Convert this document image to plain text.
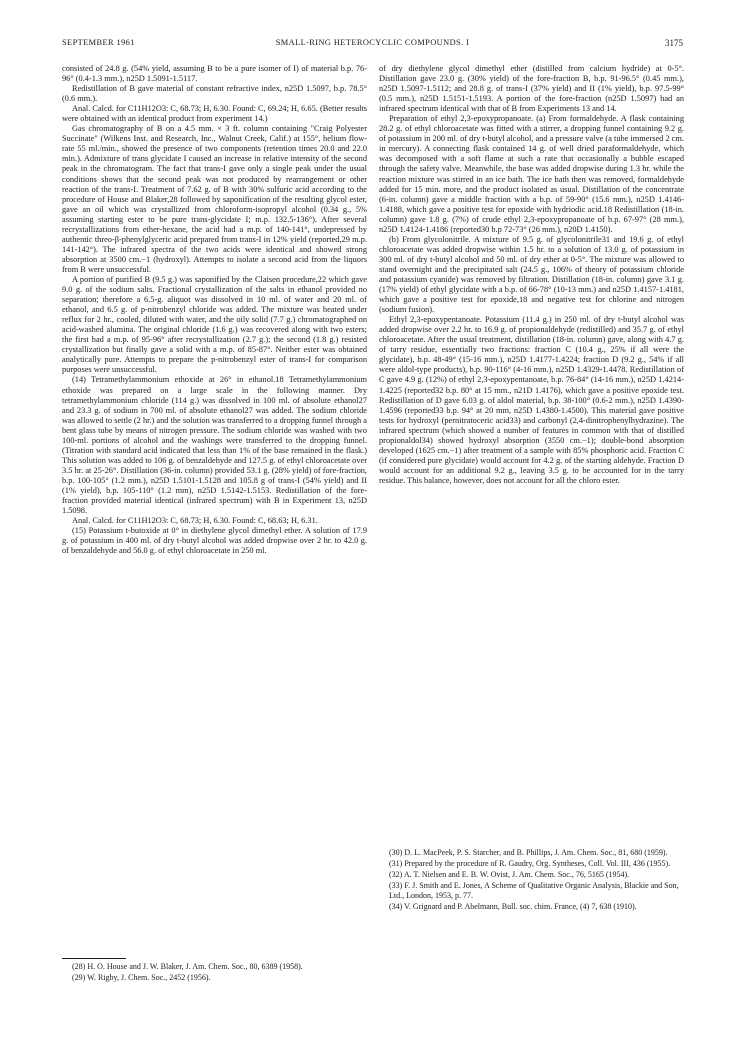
SEPTEMBER 1961	SMALL-RING HETEROCYCLIC COMPOUNDS. I	3175

consisted of 24.8 g. (54% yield, assuming B to be a pure isomer of I) of material b.p. 76-96° (0.4-1.3 mm.), n25D 1.5091-1.5117.

Redistillation of B gave material of constant refractive index, n25D 1.5097, b.p. 78.5° (0.6 mm.).

Anal. Calcd. for C11H12O3: C, 68.73; H, 6.30. Found: C, 69.24; H, 6.65. (Better results were obtained with an identical product from experiment 14.)

Gas chromatography of B on a 4.5 mm. × 3 ft. column containing "Craig Polyester Succinate" (Wilkens Inst. and Research, Inc., Walnut Creek, Calif.) at 155°, helium flow-rate 55 ml./min., showed the presence of two components (retention times 20.0 and 22.0 min.). Admixture of trans glycidate I caused an increase in relative intensity of the second peak in the chromatogram. The fact that trans-I gave only a single peak under the usual conditions shows that the second peak was not produced by rearrangement or other reaction of the trans-I. Treatment of 7.62 g. of B with 30% sulfuric acid according to the procedure of House and Blaker,28 followed by saponification of the resulting glycol ester, gave an oil which was crystallized from chloroform-isopropyl alcohol (0.34 g., 5% assuming starting ester to be pure trans-glycidate I; m.p. 132.5-136°). After several recrystallizations from ether-hexane, the acid had a m.p. of 140-141°, undepressed by authentic threo-β-phenylglyceric acid prepared from trans-I in 12% yield (reported,29 m.p. 141-142°). The infrared spectra of the two acids were identical and showed strong absorption at 3500 cm.−1 (hydroxyl). Attempts to isolate a second acid from the liquors from B were unsuccessful.

A portion of purified B (9.5 g.) was saponified by the Claisen procedure,22 which gave 9.0 g. of the sodium salts. Fractional crystallization of the salts in ethanol provided no separation; therefore a 6.5-g. aliquot was dissolved in 10 ml. of water and 20 ml. of ethanol, and 6.5 g. of p-nitrobenzyl chloride was added. The mixture was heated under reflux for 2 hr., cooled, diluted with water, and the oily solid (7.7 g.) chromatographed on acid-washed alumina. The original chloride (1.6 g.) was recovered along with two esters; the first had a m.p. of 95-96° after recrystallization (2.7 g.); the second (1.8 g.) resisted crystallization but finally gave a solid with a m.p. of 85-87°. Neither ester was obtained analytically pure. Attempts to prepare the p-nitrobenzyl ester of trans-I for comparison purposes were unsuccessful.

(14) Tetramethylammonium ethoxide at 26° in ethanol.18 Tetramethylammonium ethoxide was prepared on a large scale in the following manner. Dry tetramethylammonium chloride (114 g.) was dissolved in 100 ml. of absolute ethanol27 and 23.3 g. of sodium in 700 ml. of absolute ethanol27 was added. The sodium chloride was allowed to settle (2 hr.) and the solution was transferred to a dropping funnel through a bent glass tube by means of nitrogen pressure. The sodium chloride was washed with two 100-ml. portions of alcohol and the washings were transferred to the dropping funnel. (Titration with standard acid indicated that less than 1% of the base remained in the flask.) This solution was added to 106 g. of benzaldehyde and 127.5 g. of ethyl chloroacetate over 3.5 hr. at 25-26°. Distillation (36-in. column) provided 53.1 g. (28% yield) of fore-fraction, b.p. 100-105° (1.2 mm.), n25D 1.5101-1.5128 and 105.8 g of trans-I (54% yield) and II (1% yield), b.p. 105-110° (1.2 mm), n25D 1.5142-1.5153. Redistillation of the fore-fraction provided material identical (infrared spectrum) with B in Experiment 13, n25D 1.5098.

Anal. Calcd. for C11H12O3: C, 68.73; H, 6.30. Found: C, 68.63; H, 6.31.

(15) Potassium t-butoxide at 0° in diethylene glycol dimethyl ether. A solution of 17.9 g. of potassium in 400 ml. of dry t-butyl alcohol was added dropwise over 2 hr. to 42.0 g. of benzaldehyde and 56.0 g. of ethyl chloroacetate in 250 ml.

of dry diethylene glycol dimethyl ether (distilled from calcium hydride) at 0-5°. Distillation gave 23.0 g. (30% yield) of the fore-fraction B, b.p. 91-96.5° (0.45 mm.), n25D 1.5097-1.5112; and 28.8 g. of trans-I (37% yield) and II (1% yield), b.p. 97.5-99° (0.5 mm.), n25D 1.5151-1.5193. A portion of the fore-fraction (n25D 1.5097) had an infrared spectrum identical with that of B from Experiments 13 and 14.

Preparation of ethyl 2,3-epoxypropanoate. (a) From formaldehyde. A flask containing 28.2 g. of ethyl chloroacetate was fitted with a stirrer, a dropping funnel containing 9.2 g. of potassium in 200 ml. of dry t-butyl alcohol, and a pressure valve (a tube immersed 2 cm. in mercury). A connecting flask contained 14 g. of well dried paraformaldehyde, which was decomposed with a soft flame at such a rate that occasionally a bubble escaped through the safety valve. Meanwhile, the base was added dropwise during 1.3 hr. while the reaction mixture was stirred in an ice bath. The ice bath then was removed, formaldehyde added for 15 min. more, and the product isolated as usual. Distillation of the concentrate (6-in. column) gave a middle fraction with a b.p. of 59-90° (15.6 mm.), n25D 1.4146-1.4188, which gave a positive test for epoxide with hydriodic acid.18 Redistillation (18-in. column) gave 1.8 g. (7%) of crude ethyl 2,3-epoxypropanoate of b.p. 67-97° (28 mm.), n25D 1.4124-1.4186 (reported30 b.p 72-73° (26 mm.), n20D 1.4150).

(b) From glycolonitrile. A mixture of 9.5 g. of glycolonitrile31 and 19.6 g. of ethyl chloroacetate was added dropwise within 1.5 hr. to a solution of 13.0 g. of potassium in 300 ml. of dry t-butyl alcohol and 50 ml. of dry ether at 0-5°. The mixture was allowed to stand overnight and the precipitated salt (24.5 g., 106% of theory of potassium chloride and potassium cyanide) was removed by filtration. Distillation (18-in. column) gave 3.1 g. (17% yield) of ethyl glycidate with a b.p. of 66-78° (10-13 mm.) and n25D 1.4157-1.4181, which gave a positive test for epoxide,18 and negative test for chlorine and nitrogen (sodium fusion).

Ethyl 2,3-epoxypentanoate. Potassium (11.4 g.) in 250 ml. of dry t-butyl alcohol was added dropwise over 2.2 hr. to 16.9 g. of propionaldehyde (redistilled) and 35.7 g. of ethyl chloroacetate. After the usual treatment, distillation (18-in. column) gave, along with 4.7 g. of tarry residue, essentially two fractions: fraction C (10.4 g., 25% if all were the glycidate), b.p. 48-49° (15-16 mm.), n25D 1.4177-1.4224; fraction D (9.2 g., 54% if all were aldol-type products), b.p. 90-116° (4-16 mm.), n25D 1.4329-1.4478. Redistillation of C gave 4.9 g. (12%) of ethyl 2,3-epoxypentanoate, b.p. 76-84° (14-16 mm.), n25D 1.4214-1.4225 (reported32 b.p. 80° at 15 mm., n21D 1.4176), which gave a positive epoxide test. Redistillation of D gave 6.03 g. of aldol material, b.p. 38-100° (0.6-2 mm.), n25D 1.4390-1.4596 (reported33 b.p. 94° at 20 mm, n25D 1.4380-1.4500). This material gave positive tests for hydroxyl (pernitratoceric acid33) and carbonyl (2,4-dinitrophenylhydrazine). The infrared spectrum (which showed a number of features in common with that of distilled propionaldol34) showed hydroxyl absorption (3550 cm.−1); double-bond absorption developed (1625 cm.−1) after treatment of a sample with 85% phosphoric acid. Fraction C (if considered pure glycidate) would account for 4.2 g. of the starting aldehyde. Fraction D would account for an additional 9.2 g., leaving 3.5 g. to be accounted for in the tarry residue. This balance, however, does not account for all the chloro ester.

(28) H. O. House and J. W. Blaker, J. Am. Chem. Soc., 80, 6389 (1958).

(29) W. Rigby, J. Chem. Soc., 2452 (1956).

(30) D. L. MacPeek, P. S. Starcher, and B. Phillips, J. Am. Chem. Soc., 81, 680 (1959).

(31) Prepared by the procedure of R. Gaudry, Org. Syntheses, Coll. Vol. III, 436 (1955).

(32) A. T. Nielsen and E. B. W. Ovist, J. Am. Chem. Soc., 76, 5165 (1954).

(33) F. J. Smith and E. Jones, A Scheme of Qualitative Organic Analysis, Blackie and Son, Ltd., London, 1953, p. 77.

(34) V. Grignard and P. Abelmann, Bull. soc. chim. France, (4) 7, 638 (1910).
